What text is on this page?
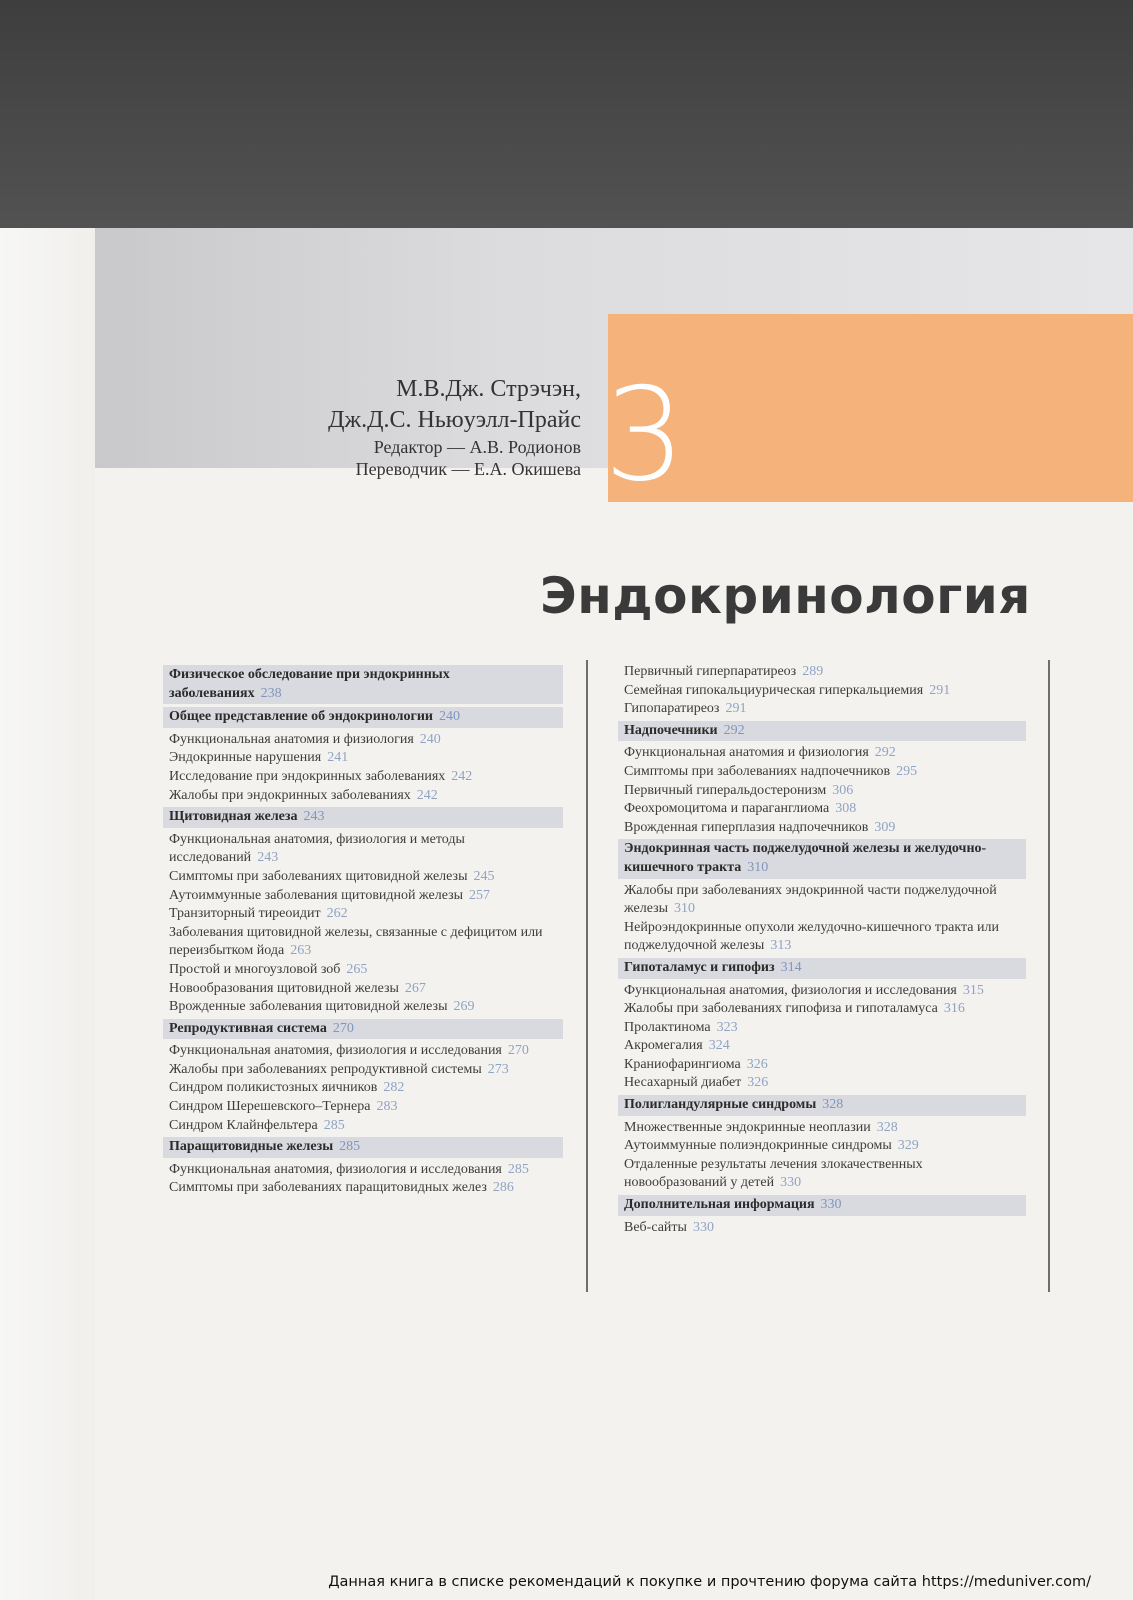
3

М.В.Дж. Стрэчэн,

Дж.Д.С. Ньюуэлл-Прайс

Редактор — А.В. Родионов

Переводчик — Е.А. Окишева

Эндокринология
Физическое обследование при эндокринных заболеваниях 238
Общее представление об эндокринологии 240
Функциональная анатомия и физиология 240
Эндокринные нарушения 241
Исследование при эндокринных заболеваниях 242
Жалобы при эндокринных заболеваниях 242
Щитовидная железа 243
Функциональная анатомия, физиология и методы исследований 243
Симптомы при заболеваниях щитовидной железы 245
Аутоиммунные заболевания щитовидной железы 257
Транзиторный тиреоидит 262
Заболевания щитовидной железы, связанные с дефицитом или переизбытком йода 263
Простой и многоузловой зоб 265
Новообразования щитовидной железы 267
Врожденные заболевания щитовидной железы 269
Репродуктивная система 270
Функциональная анатомия, физиология и исследования 270
Жалобы при заболеваниях репродуктивной системы 273
Синдром поликистозных яичников 282
Синдром Шерешевского–Тернера 283
Синдром Клайнфельтера 285
Паращитовидные железы 285
Функциональная анатомия, физиология и исследования 285
Симптомы при заболеваниях паращитовидных желез 286
Первичный гиперпаратиреоз 289
Семейная гипокальциурическая гиперкальциемия 291
Гипопаратиреоз 291
Надпочечники 292
Функциональная анатомия и физиология 292
Симптомы при заболеваниях надпочечников 295
Первичный гиперальдостеронизм 306
Феохромоцитома и параганглиома 308
Врожденная гиперплазия надпочечников 309
Эндокринная часть поджелудочной железы и желудочно-кишечного тракта 310
Жалобы при заболеваниях эндокринной части поджелудочной железы 310
Нейроэндокринные опухоли желудочно-кишечного тракта или поджелудочной железы 313
Гипоталамус и гипофиз 314
Функциональная анатомия, физиология и исследования 315
Жалобы при заболеваниях гипофиза и гипоталамуса 316
Пролактинома 323
Акромегалия 324
Краниофарингиома 326
Несахарный диабет 326
Полигландулярные синдромы 328
Множественные эндокринные неоплазии 328
Аутоиммунные полиэндокринные синдромы 329
Отдаленные результаты лечения злокачественных новообразований у детей 330
Дополнительная информация 330
Веб-сайты 330

Данная книга в списке рекомендаций к покупке и прочтению форума сайта https://meduniver.com/
